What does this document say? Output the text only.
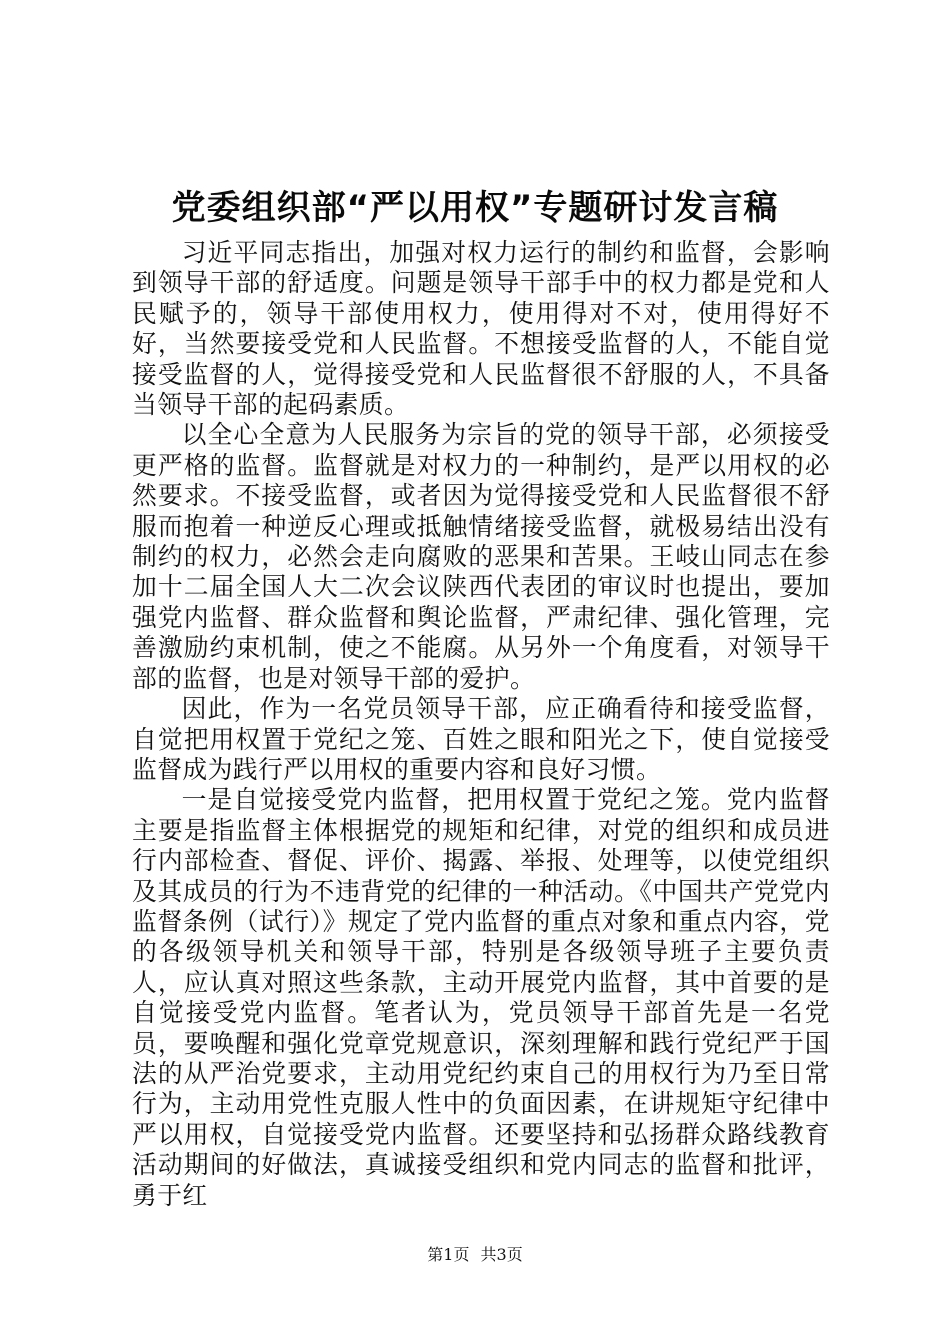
党委组织部“严以用权”专题研讨发言稿

习近平同志指出，加强对权力运行的制约和监督，会影响到领导干部的舒适度。问题是领导干部手中的权力都是党和人民赋予的，领导干部使用权力，使用得对不对，使用得好不好，当然要接受党和人民监督。不想接受监督的人，不能自觉接受监督的人，觉得接受党和人民监督很不舒服的人，不具备当领导干部的起码素质。

以全心全意为人民服务为宗旨的党的领导干部，必须接受更严格的监督。监督就是对权力的一种制约，是严以用权的必然要求。不接受监督，或者因为觉得接受党和人民监督很不舒服而抱着一种逆反心理或抵触情绪接受监督，就极易结出没有制约的权力，必然会走向腐败的恶果和苦果。王岐山同志在参加十二届全国人大二次会议陕西代表团的审议时也提出，要加强党内监督、群众监督和舆论监督，严肃纪律、强化管理，完善激励约束机制，使之不能腐。从另外一个角度看，对领导干部的监督，也是对领导干部的爱护。

因此，作为一名党员领导干部，应正确看待和接受监督，自觉把用权置于党纪之笼、百姓之眼和阳光之下，使自觉接受监督成为践行严以用权的重要内容和良好习惯。

一是自觉接受党内监督，把用权置于党纪之笼。党内监督主要是指监督主体根据党的规矩和纪律，对党的组织和成员进行内部检查、督促、评价、揭露、举报、处理等，以使党组织及其成员的行为不违背党的纪律的一种活动。《中国共产党党内监督条例（试行）》规定了党内监督的重点对象和重点内容，党的各级领导机关和领导干部，特别是各级领导班子主要负责人，应认真对照这些条款，主动开展党内监督，其中首要的是自觉接受党内监督。笔者认为，党员领导干部首先是一名党员，要唤醒和强化党章党规意识，深刻理解和践行党纪严于国法的从严治党要求，主动用党纪约束自己的用权行为乃至日常行为，主动用党性克服人性中的负面因素，在讲规矩守纪律中严以用权，自觉接受党内监督。还要坚持和弘扬群众路线教育活动期间的好做法，真诚接受组织和党内同志的监督和批评，勇于红

第1页 共3页
